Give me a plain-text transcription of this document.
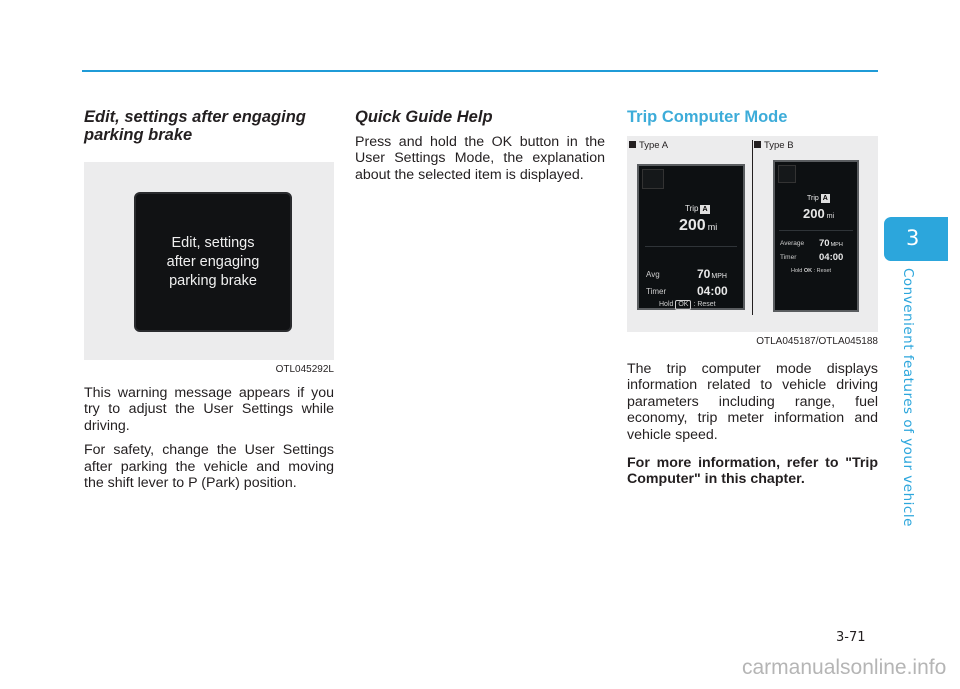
Edit, settings after engaging parking brake
Edit, settings
after engaging
parking brake
OTL045292L

This warning message appears if you try to adjust the User Settings while driving.

For safety, change the User Settings after parking the vehicle and moving the shift lever to P (Park) position.

Quick Guide Help

Press and hold the OK button in the User Settings Mode, the explanation about the selected item is displayed.

Trip Computer Mode
Type A	Type B
Trip A
200 mi
Avg	70MPH
Timer	04:00
Hold OK : Reset
Trip A
200 mi
Average 70MPH
Timer 04:00
Hold OK : Reset
OTLA045187/OTLA045188

The trip computer mode displays information related to vehicle driving parameters including range, fuel economy, trip meter information and vehicle speed.

For more information, refer to "Trip Computer" in this chapter.

3
Convenient features of your vehicle
3-71
carmanualsonline.info
